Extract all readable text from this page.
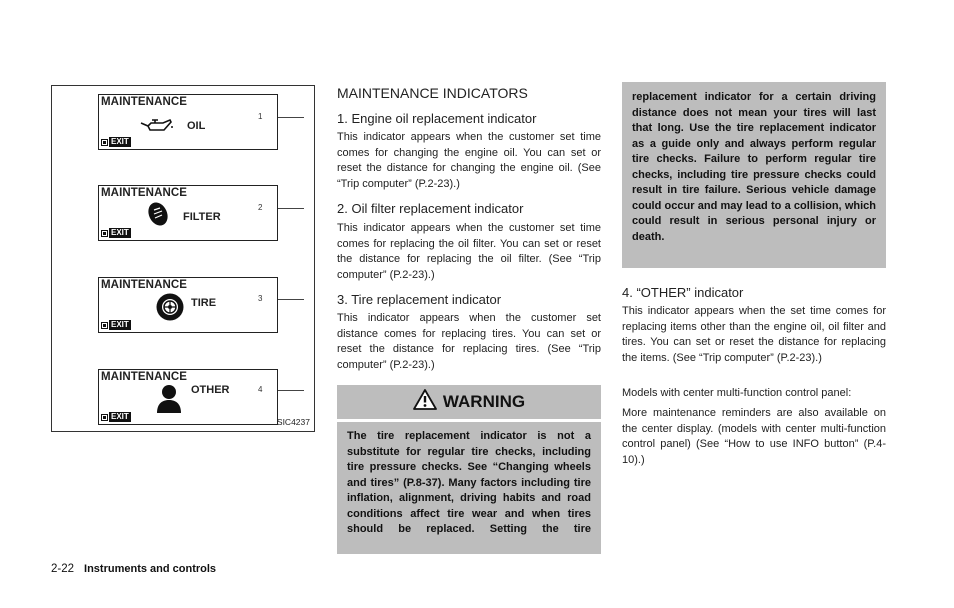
MAINTENANCE
OIL
EXIT
1
MAINTENANCE
FILTER
EXIT
2
MAINTENANCE
TIRE
EXIT
3
MAINTENANCE
OTHER
EXIT
4
SIC4237
MAINTENANCE INDICATORS
1. Engine oil replacement indicator
This indicator appears when the customer set time comes for changing the engine oil. You can set or reset the distance for changing the engine oil. (See “Trip computer” (P.2-23).)
2. Oil filter replacement indicator
This indicator appears when the customer set time comes for replacing the oil filter. You can set or reset the distance for replacing the oil filter. (See “Trip computer” (P.2-23).)
3. Tire replacement indicator
This indicator appears when the customer set distance comes for replacing tires. You can set or reset the distance for replacing tires. (See “Trip computer” (P.2-23).)
WARNING

The tire replacement indicator is not a substitute for regular tire checks, including tire pressure checks. See “Changing wheels and tires” (P.8-37). Many factors including tire inflation, alignment, driving habits and road conditions affect tire wear and when tires should be replaced. Setting the tire

replacement indicator for a certain driving distance does not mean your tires will last that long. Use the tire replacement indicator as a guide only and always perform regular tire checks. Failure to perform regular tire checks, including tire pressure checks could result in tire failure. Serious vehicle damage could occur and may lead to a collision, which could result in serious personal injury or death.

4. “OTHER” indicator
This indicator appears when the set time comes for replacing items other than the engine oil, oil filter and tires. You can set or reset the distance for replacing the items. (See “Trip computer” (P.2-23).)
Models with center multi-function control panel:
More maintenance reminders are also available on the center display. (models with center multi-function control panel) (See “How to use INFO button” (P.4-10).)
2-22 Instruments and controls
